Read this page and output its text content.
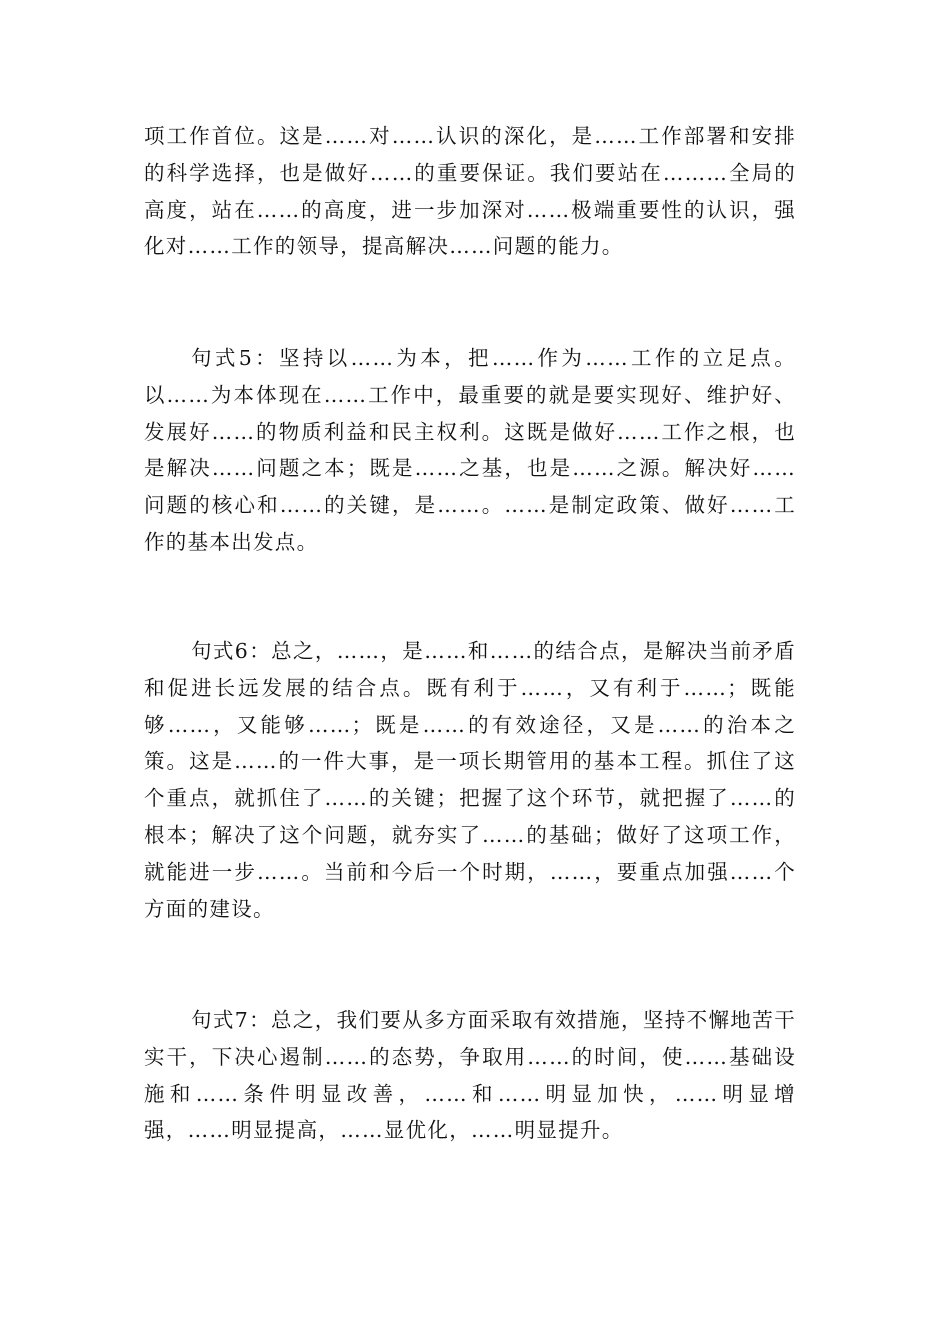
项工作首位。这是……对……认识的深化，是……工作部署和安排的科学选择，也是做好……的重要保证。我们要站在………全局的高度，站在……的高度，进一步加深对……极端重要性的认识，强化对……工作的领导，提高解决……问题的能力。

句式5：坚持以……为本，把……作为……工作的立足点。以……为本体现在……工作中，最重要的就是要实现好、维护好、发展好……的物质利益和民主权利。这既是做好……工作之根，也是解决……问题之本；既是……之基，也是……之源。解决好……问题的核心和……的关键，是……。……是制定政策、做好……工作的基本出发点。

句式6：总之，……，是……和……的结合点，是解决当前矛盾和促进长远发展的结合点。既有利于……，又有利于……；既能够……，又能够……；既是……的有效途径，又是……的治本之策。这是……的一件大事，是一项长期管用的基本工程。抓住了这个重点，就抓住了……的关键；把握了这个环节，就把握了……的根本；解决了这个问题，就夯实了……的基础；做好了这项工作，就能进一步……。当前和今后一个时期，……，要重点加强……个方面的建设。

句式7：总之，我们要从多方面采取有效措施，坚持不懈地苦干实干，下决心遏制……的态势，争取用……的时间，使……基础设施和……条件明显改善，……和……明显加快，……明显增强，……明显提高，……显优化，……明显提升。
